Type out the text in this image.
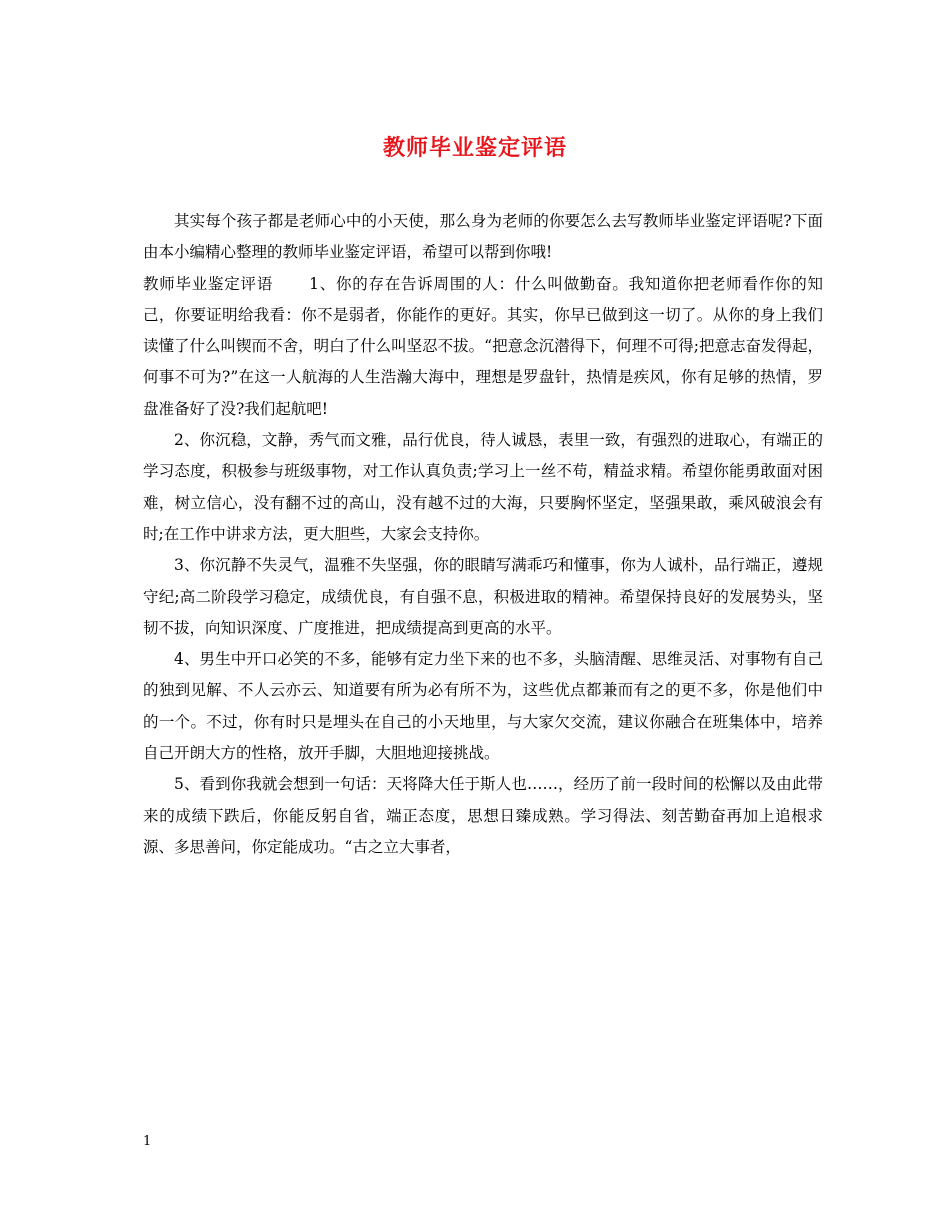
教师毕业鉴定评语

其实每个孩子都是老师心中的小天使，那么身为老师的你要怎么去写教师毕业鉴定评语呢?下面由本小编精心整理的教师毕业鉴定评语，希望可以帮到你哦!

教师毕业鉴定评语 1、你的存在告诉周围的人：什么叫做勤奋。我知道你把老师看作你的知己，你要证明给我看：你不是弱者，你能作的更好。其实，你早已做到这一切了。从你的身上我们读懂了什么叫锲而不舍，明白了什么叫坚忍不拔。“把意念沉潜得下，何理不可得;把意志奋发得起，何事不可为?”在这一人航海的人生浩瀚大海中，理想是罗盘针，热情是疾风，你有足够的热情，罗盘准备好了没?我们起航吧!

2、你沉稳，文静，秀气而文雅，品行优良，待人诚恳，表里一致，有强烈的进取心，有端正的学习态度，积极参与班级事物，对工作认真负责;学习上一丝不苟，精益求精。希望你能勇敢面对困难，树立信心，没有翻不过的高山，没有越不过的大海，只要胸怀坚定，坚强果敢，乘风破浪会有时;在工作中讲求方法，更大胆些，大家会支持你。

3、你沉静不失灵气，温雅不失坚强，你的眼睛写满乖巧和懂事，你为人诚朴，品行端正，遵规守纪;高二阶段学习稳定，成绩优良，有自强不息，积极进取的精神。希望保持良好的发展势头，坚韧不拔，向知识深度、广度推进，把成绩提高到更高的水平。

4、男生中开口必笑的不多，能够有定力坐下来的也不多，头脑清醒、思维灵活、对事物有自己的独到见解、不人云亦云、知道要有所为必有所不为，这些优点都兼而有之的更不多，你是他们中的一个。不过，你有时只是埋头在自己的小天地里，与大家欠交流，建议你融合在班集体中，培养自己开朗大方的性格，放开手脚，大胆地迎接挑战。

5、看到你我就会想到一句话：天将降大任于斯人也……，经历了前一段时间的松懈以及由此带来的成绩下跌后，你能反躬自省，端正态度，思想日臻成熟。学习得法、刻苦勤奋再加上追根求源、多思善问，你定能成功。“古之立大事者，

1
